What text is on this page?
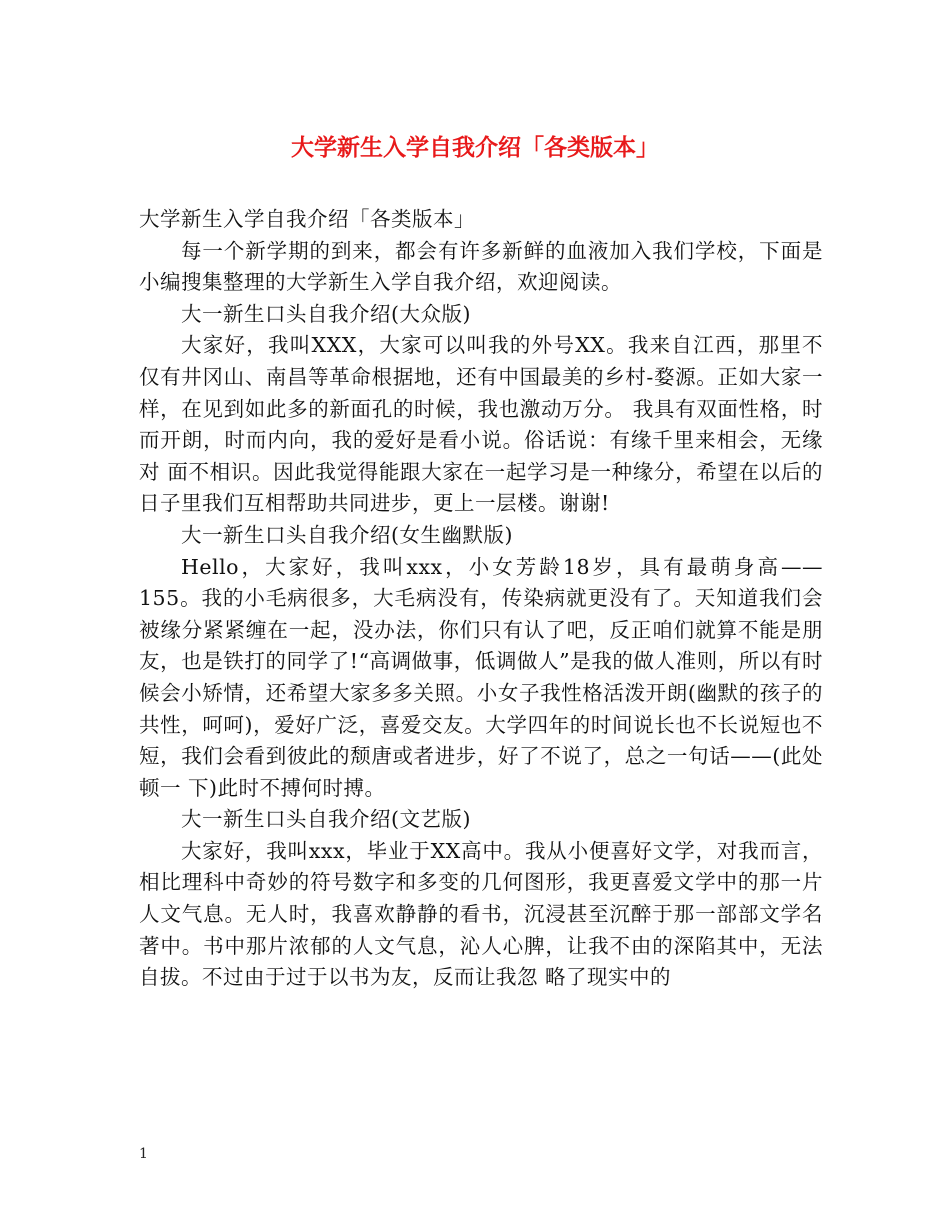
大学新生入学自我介绍「各类版本」

大学新生入学自我介绍「各类版本」

每一个新学期的到来，都会有许多新鲜的血液加入我们学校，下面是小编搜集整理的大学新生入学自我介绍，欢迎阅读。

大一新生口头自我介绍(大众版)

大家好，我叫XXX，大家可以叫我的外号XX。我来自江西，那里不仅有井冈山、南昌等革命根据地，还有中国最美的乡村-婺源。正如大家一样，在见到如此多的新面孔的时候，我也激动万分。 我具有双面性格，时而开朗，时而内向，我的爱好是看小说。俗话说：有缘千里来相会，无缘对 面不相识。因此我觉得能跟大家在一起学习是一种缘分，希望在以后的日子里我们互相帮助共同进步，更上一层楼。谢谢!

大一新生口头自我介绍(女生幽默版)

Hello，大家好，我叫xxx，小女芳龄18岁，具有最萌身高——155。我的小毛病很多，大毛病没有，传染病就更没有了。天知道我们会被缘分紧紧缠在一起，没办法，你们只有认了吧，反正咱们就算不能是朋友，也是铁打的同学了!“高调做事，低调做人”是我的做人准则，所以有时候会小矫情，还希望大家多多关照。小女子我性格活泼开朗(幽默的孩子的共性，呵呵)，爱好广泛，喜爱交友。大学四年的时间说长也不长说短也不短，我们会看到彼此的颓唐或者进步，好了不说了，总之一句话——(此处顿一 下)此时不搏何时搏。

大一新生口头自我介绍(文艺版)

大家好，我叫xxx，毕业于XX高中。我从小便喜好文学，对我而言，相比理科中奇妙的符号数字和多变的几何图形，我更喜爱文学中的那一片人文气息。无人时，我喜欢静静的看书，沉浸甚至沉醉于那一部部文学名著中。书中那片浓郁的人文气息，沁人心脾，让我不由的深陷其中，无法自拔。不过由于过于以书为友，反而让我忽 略了现实中的

1
